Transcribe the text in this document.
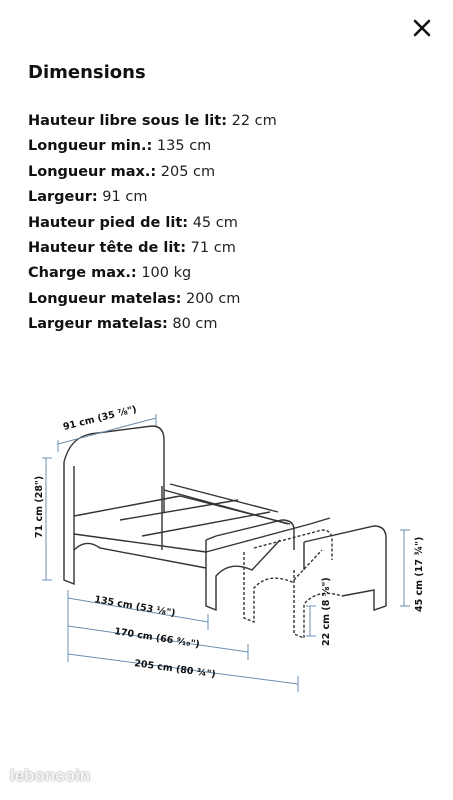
Dimensions
Hauteur libre sous le lit: 22 cm
Longueur min.: 135 cm
Longueur max.: 205 cm
Largeur: 91 cm
Hauteur pied de lit: 45 cm
Hauteur tête de lit: 71 cm
Charge max.: 100 kg
Longueur matelas: 200 cm
Largeur matelas: 80 cm
91 cm (35 ⅞")
71 cm (28")
135 cm (53 ⅛")
170 cm (66 ⁹⁄₁₀")
205 cm (80 ¾")
22 cm (8 ⅝")	45 cm (17 ¾")
leboncoin
